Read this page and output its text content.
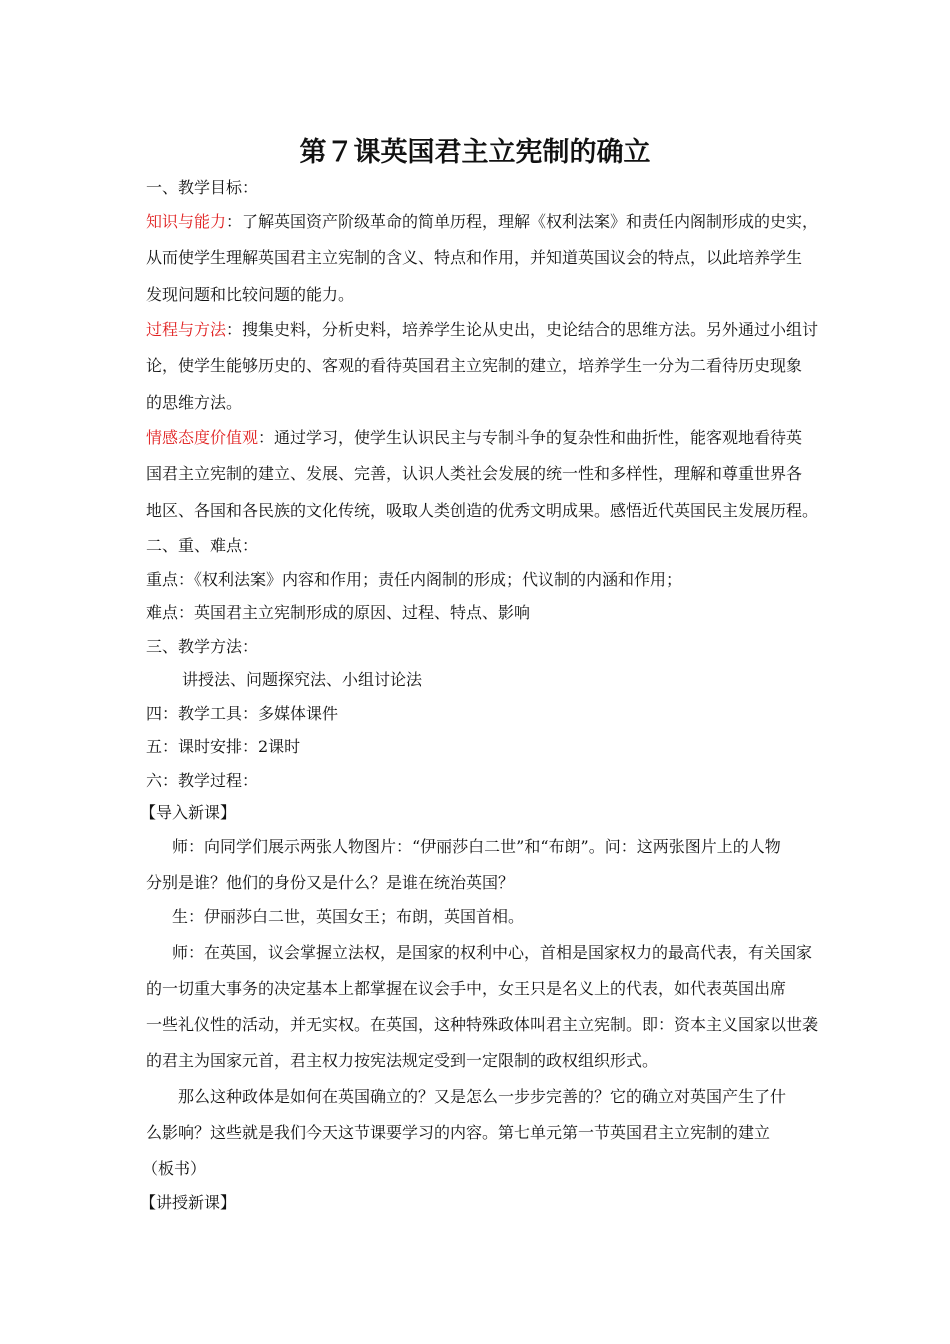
第７课英国君主立宪制的确立
一、教学目标：
知识与能力：了解英国资产阶级革命的简单历程，理解《权利法案》和责任内阁制形成的史实，
从而使学生理解英国君主立宪制的含义、特点和作用，并知道英国议会的特点，以此培养学生
发现问题和比较问题的能力。
过程与方法：搜集史料，分析史料，培养学生论从史出，史论结合的思维方法。另外通过小组讨
论，使学生能够历史的、客观的看待英国君主立宪制的建立，培养学生一分为二看待历史现象
的思维方法。
情感态度价值观：通过学习，使学生认识民主与专制斗争的复杂性和曲折性，能客观地看待英
国君主立宪制的建立、发展、完善，认识人类社会发展的统一性和多样性，理解和尊重世界各
地区、各国和各民族的文化传统，吸取人类创造的优秀文明成果。感悟近代英国民主发展历程。
二、重、难点：
重点：《权利法案》内容和作用；责任内阁制的形成；代议制的内涵和作用；
难点：英国君主立宪制形成的原因、过程、特点、影响
三、教学方法：
讲授法、问题探究法、小组讨论法
四：教学工具：多媒体课件
五：课时安排：2课时
六：教学过程：
【导入新课】
师：向同学们展示两张人物图片：“伊丽莎白二世”和“布朗”。问：这两张图片上的人物
分别是谁？他们的身份又是什么？是谁在统治英国？
生：伊丽莎白二世，英国女王；布朗，英国首相。
师：在英国，议会掌握立法权，是国家的权利中心，首相是国家权力的最高代表，有关国家
的一切重大事务的决定基本上都掌握在议会手中，女王只是名义上的代表，如代表英国出席
一些礼仪性的活动，并无实权。在英国，这种特殊政体叫君主立宪制。即：资本主义国家以世袭
的君主为国家元首，君主权力按宪法规定受到一定限制的政权组织形式。
那么这种政体是如何在英国确立的？又是怎么一步步完善的？它的确立对英国产生了什
么影响？这些就是我们今天这节课要学习的内容。第七单元第一节英国君主立宪制的建立
（板书）
【讲授新课】
